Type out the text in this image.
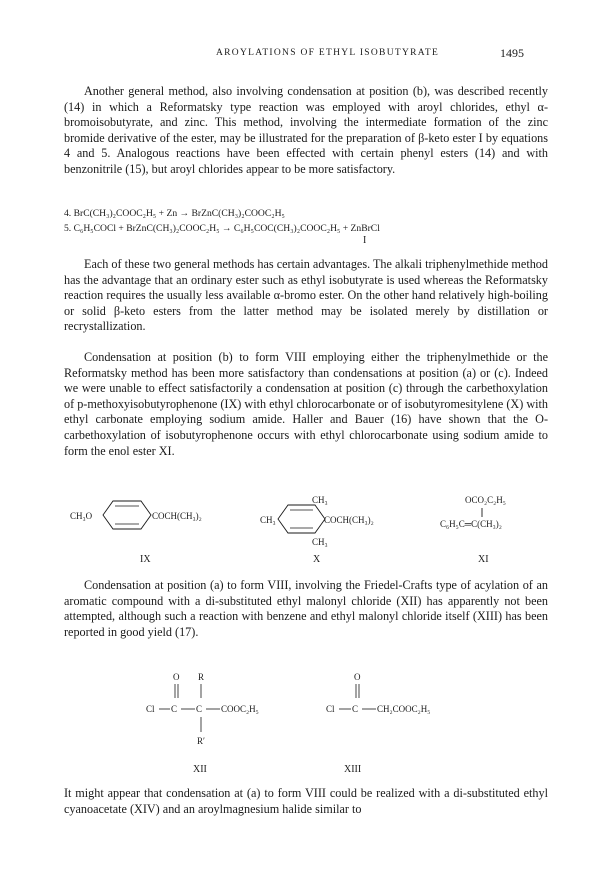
AROYLATIONS OF ETHYL ISOBUTYRATE	1495

Another general method, also involving condensation at position (b), was described recently (14) in which a Reformatsky type reaction was employed with aroyl chlorides, ethyl α-bromoisobutyrate, and zinc. This method, involving the intermediate formation of the zinc bromide derivative of the ester, may be illustrated for the preparation of β-keto ester I by equations 4 and 5. Analogous reactions have been effected with certain phenyl esters (14) and with benzonitrile (15), but aroyl chlorides appear to be more satisfactory.

4. BrC(CH₃)₂COOC₂H₅ + Zn → BrZnC(CH₃)₂COOC₂H₅
5. C₆H₅COCl + BrZnC(CH₃)₂COOC₂H₅ → C₆H₅COC(CH₃)₂COOC₂H₅ + ZnBrCl
I

Each of these two general methods has certain advantages. The alkali triphenylmethide method has the advantage that an ordinary ester such as ethyl isobutyrate is used whereas the Reformatsky reaction requires the usually less available α-bromo ester. On the other hand relatively high-boiling or solid β-keto esters from the latter method may be isolated merely by distillation or recrystallization.

Condensation at position (b) to form VIII employing either the triphenylmethide or the Reformatsky method has been more satisfactory than condensations at position (a) or (c). Indeed we were unable to effect satisfactorily a condensation at position (c) through the carbethoxylation of p-methoxyisobutyrophenone (IX) with ethyl chlorocarbonate or of isobutyromesitylene (X) with ethyl carbonate employing sodium amide. Haller and Bauer (16) have shown that the O-carbethoxylation of isobutyrophenone occurs with ethyl chlorocarbonate using sodium amide to form the enol ester XI.

CH₃O	COCH(CH₃)₂
IX
CH₃
CH₃	COCH(CH₃)₂
CH₃
X
OCO₂C₂H₅
C₆H₅C═C(CH₃)₂
XI
O R
Cl C C COOC₂H₅
R′
XII
O
Cl C CH₂COOC₂H₅
XIII

Condensation at position (a) to form VIII, involving the Friedel-Crafts type of acylation of an aromatic compound with a di-substituted ethyl malonyl chloride (XII) has apparently not been attempted, although such a reaction with benzene and ethyl malonyl chloride itself (XIII) has been reported in good yield (17).

It might appear that condensation at (a) to form VIII could be realized with a di-substituted ethyl cyanoacetate (XIV) and an aroylmagnesium halide similar to
